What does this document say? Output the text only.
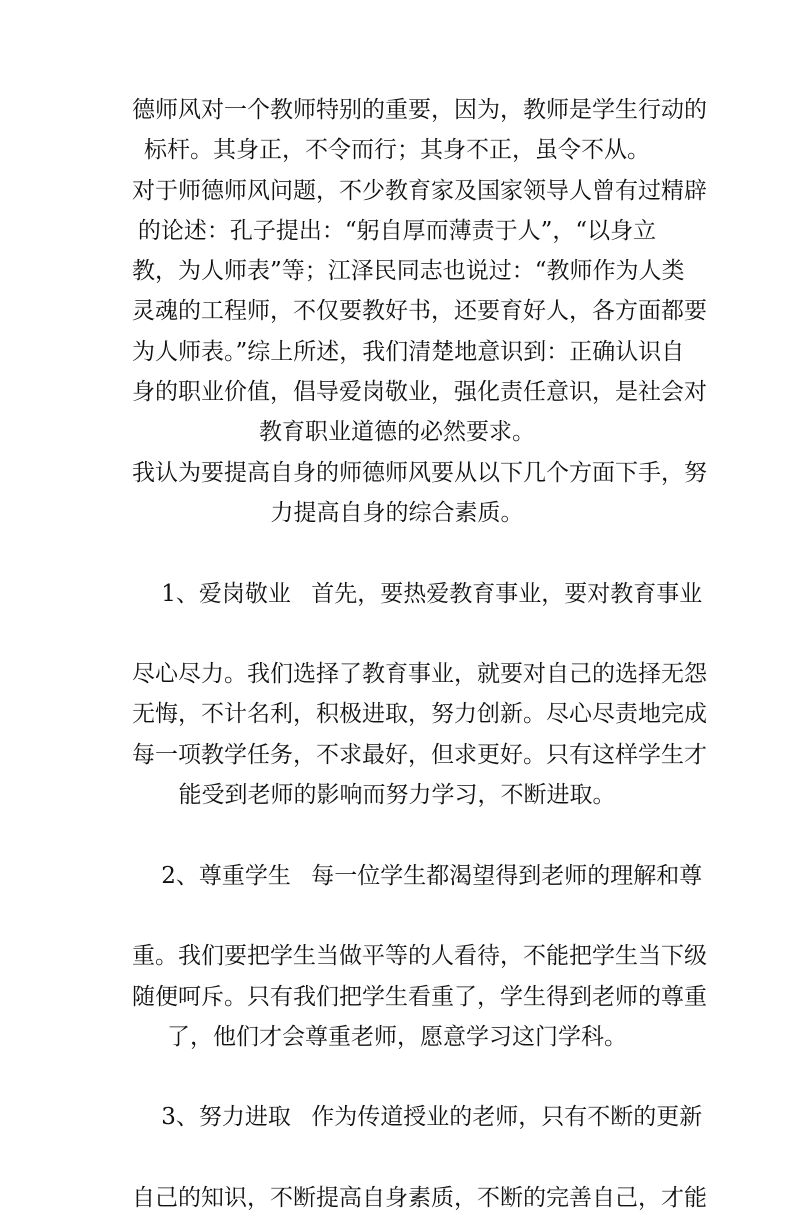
德师风对一个教师特别的重要，因为，教师是学生行动的
标杆。其身正，不令而行；其身不正，虽令不从。
对于师德师风问题，不少教育家及国家领导人曾有过精辟
的论述：孔子提出：“躬自厚而薄责于人”，“以身立
教，为人师表”等；江泽民同志也说过：“教师作为人类
灵魂的工程师，不仅要教好书，还要育好人，各方面都要
为人师表。”综上所述，我们清楚地意识到：正确认识自
身的职业价值，倡导爱岗敬业，强化责任意识，是社会对
教育职业道德的必然要求。
我认为要提高自身的师德师风要从以下几个方面下手，努
力提高自身的综合素质。

1、爱岗敬业 首先，要热爱教育事业，要对教育事业

尽心尽力。我们选择了教育事业，就要对自己的选择无怨
无悔，不计名利，积极进取，努力创新。尽心尽责地完成
每一项教学任务，不求最好，但求更好。只有这样学生才
能受到老师的影响而努力学习，不断进取。

2、尊重学生 每一位学生都渴望得到老师的理解和尊

重。我们要把学生当做平等的人看待，不能把学生当下级
随便呵斥。只有我们把学生看重了，学生得到老师的尊重
了，他们才会尊重老师，愿意学习这门学科。

3、努力进取 作为传道授业的老师，只有不断的更新

自己的知识，不断提高自身素质，不断的完善自己，才能
